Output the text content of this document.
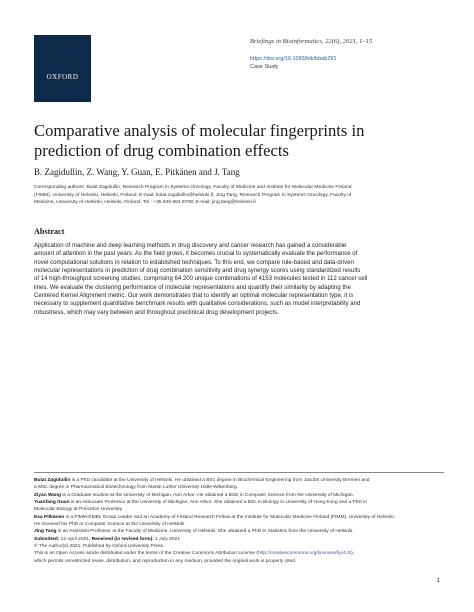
OXFORD
Briefings in Bioinformatics, 22(6), 2021, 1–15
https://doi.org/10.1093/bib/bbab291
Case Study
Comparative analysis of molecular fingerprints in
prediction of drug combination effects
B. Zagidullin, Z. Wang, Y. Guan, E. Pitkänen and J. Tang
Corresponding authors: Bulat Zagidullin, Research Program in Systems Oncology, Faculty of Medicine and Institute for Molecular Medicine Finland
(FIMM), University of Helsinki, Helsinki, Finland. E-mail: bulat.zagidullin@helsinki.fi; Jing Tang, Research Program in Systems Oncology, Faculty of
Medicine, University of Helsinki, Helsinki, Finland. Tel.: +35 845 864 9708; E-mail: jing.tang@helsinki.fi
Abstract
Application of machine and deep learning methods in drug discovery and cancer research has gained a considerable
amount of attention in the past years. As the field grows, it becomes crucial to systematically evaluate the performance of
novel computational solutions in relation to established techniques. To this end, we compare rule-based and data-driven
molecular representations in prediction of drug combination sensitivity and drug synergy scores using standardized results
of 14 high-throughput screening studies, comprising 64 200 unique combinations of 4153 molecules tested in 112 cancer cell
lines. We evaluate the clustering performance of molecular representations and quantify their similarity by adapting the
Centered Kernel Alignment metric. Our work demonstrates that to identify an optimal molecular representation type, it is
necessary to supplement quantitative benchmark results with qualitative considerations, such as model interpretability and
robustness, which may vary between and throughout preclinical drug development projects.
Bulat Zagidullin is a PhD candidate at the University of Helsinki. He obtained a BSc degree in Biochemical Engineering from Jacobs University Bremen and
a MSc degree in Pharmaceutical Biotechnology from Martin Luther University Halle-Wittenberg.
Ziyan Wang is a Graduate student at the University of Michigan, Ann Arbor. He obtained a BSE in Computer Science from the University of Michigan.
Yuanfang Guan is an Associate Professor at the University of Michigan, Ann Arbor. She obtained a BSc in Biology in University of Hong Kong and a PhD in
Molecular Biology at Princeton University.
Esa Pitkänen is a FIMM-EMBL Group Leader and an Academy of Finland Research Fellow at the Institute for Molecular Medicine Finland (FIMM), University of Helsinki.
He received his PhD in Computer Science at the University of Helsinki.
Jing Tang is an Assistant Professor at the Faculty of Medicine, University of Helsinki. She obtained a PhD in Statistics from the University of Helsinki.
Submitted: 12 April 2021; Received (in revised form): 1 July 2021
© The Author(s) 2021. Published by Oxford University Press.
This is an Open Access article distributed under the terms of the Creative Commons Attribution License (http://creativecommons.org/licenses/by/4.0/),
which permits unrestricted reuse, distribution, and reproduction in any medium, provided the original work is properly cited.
1
